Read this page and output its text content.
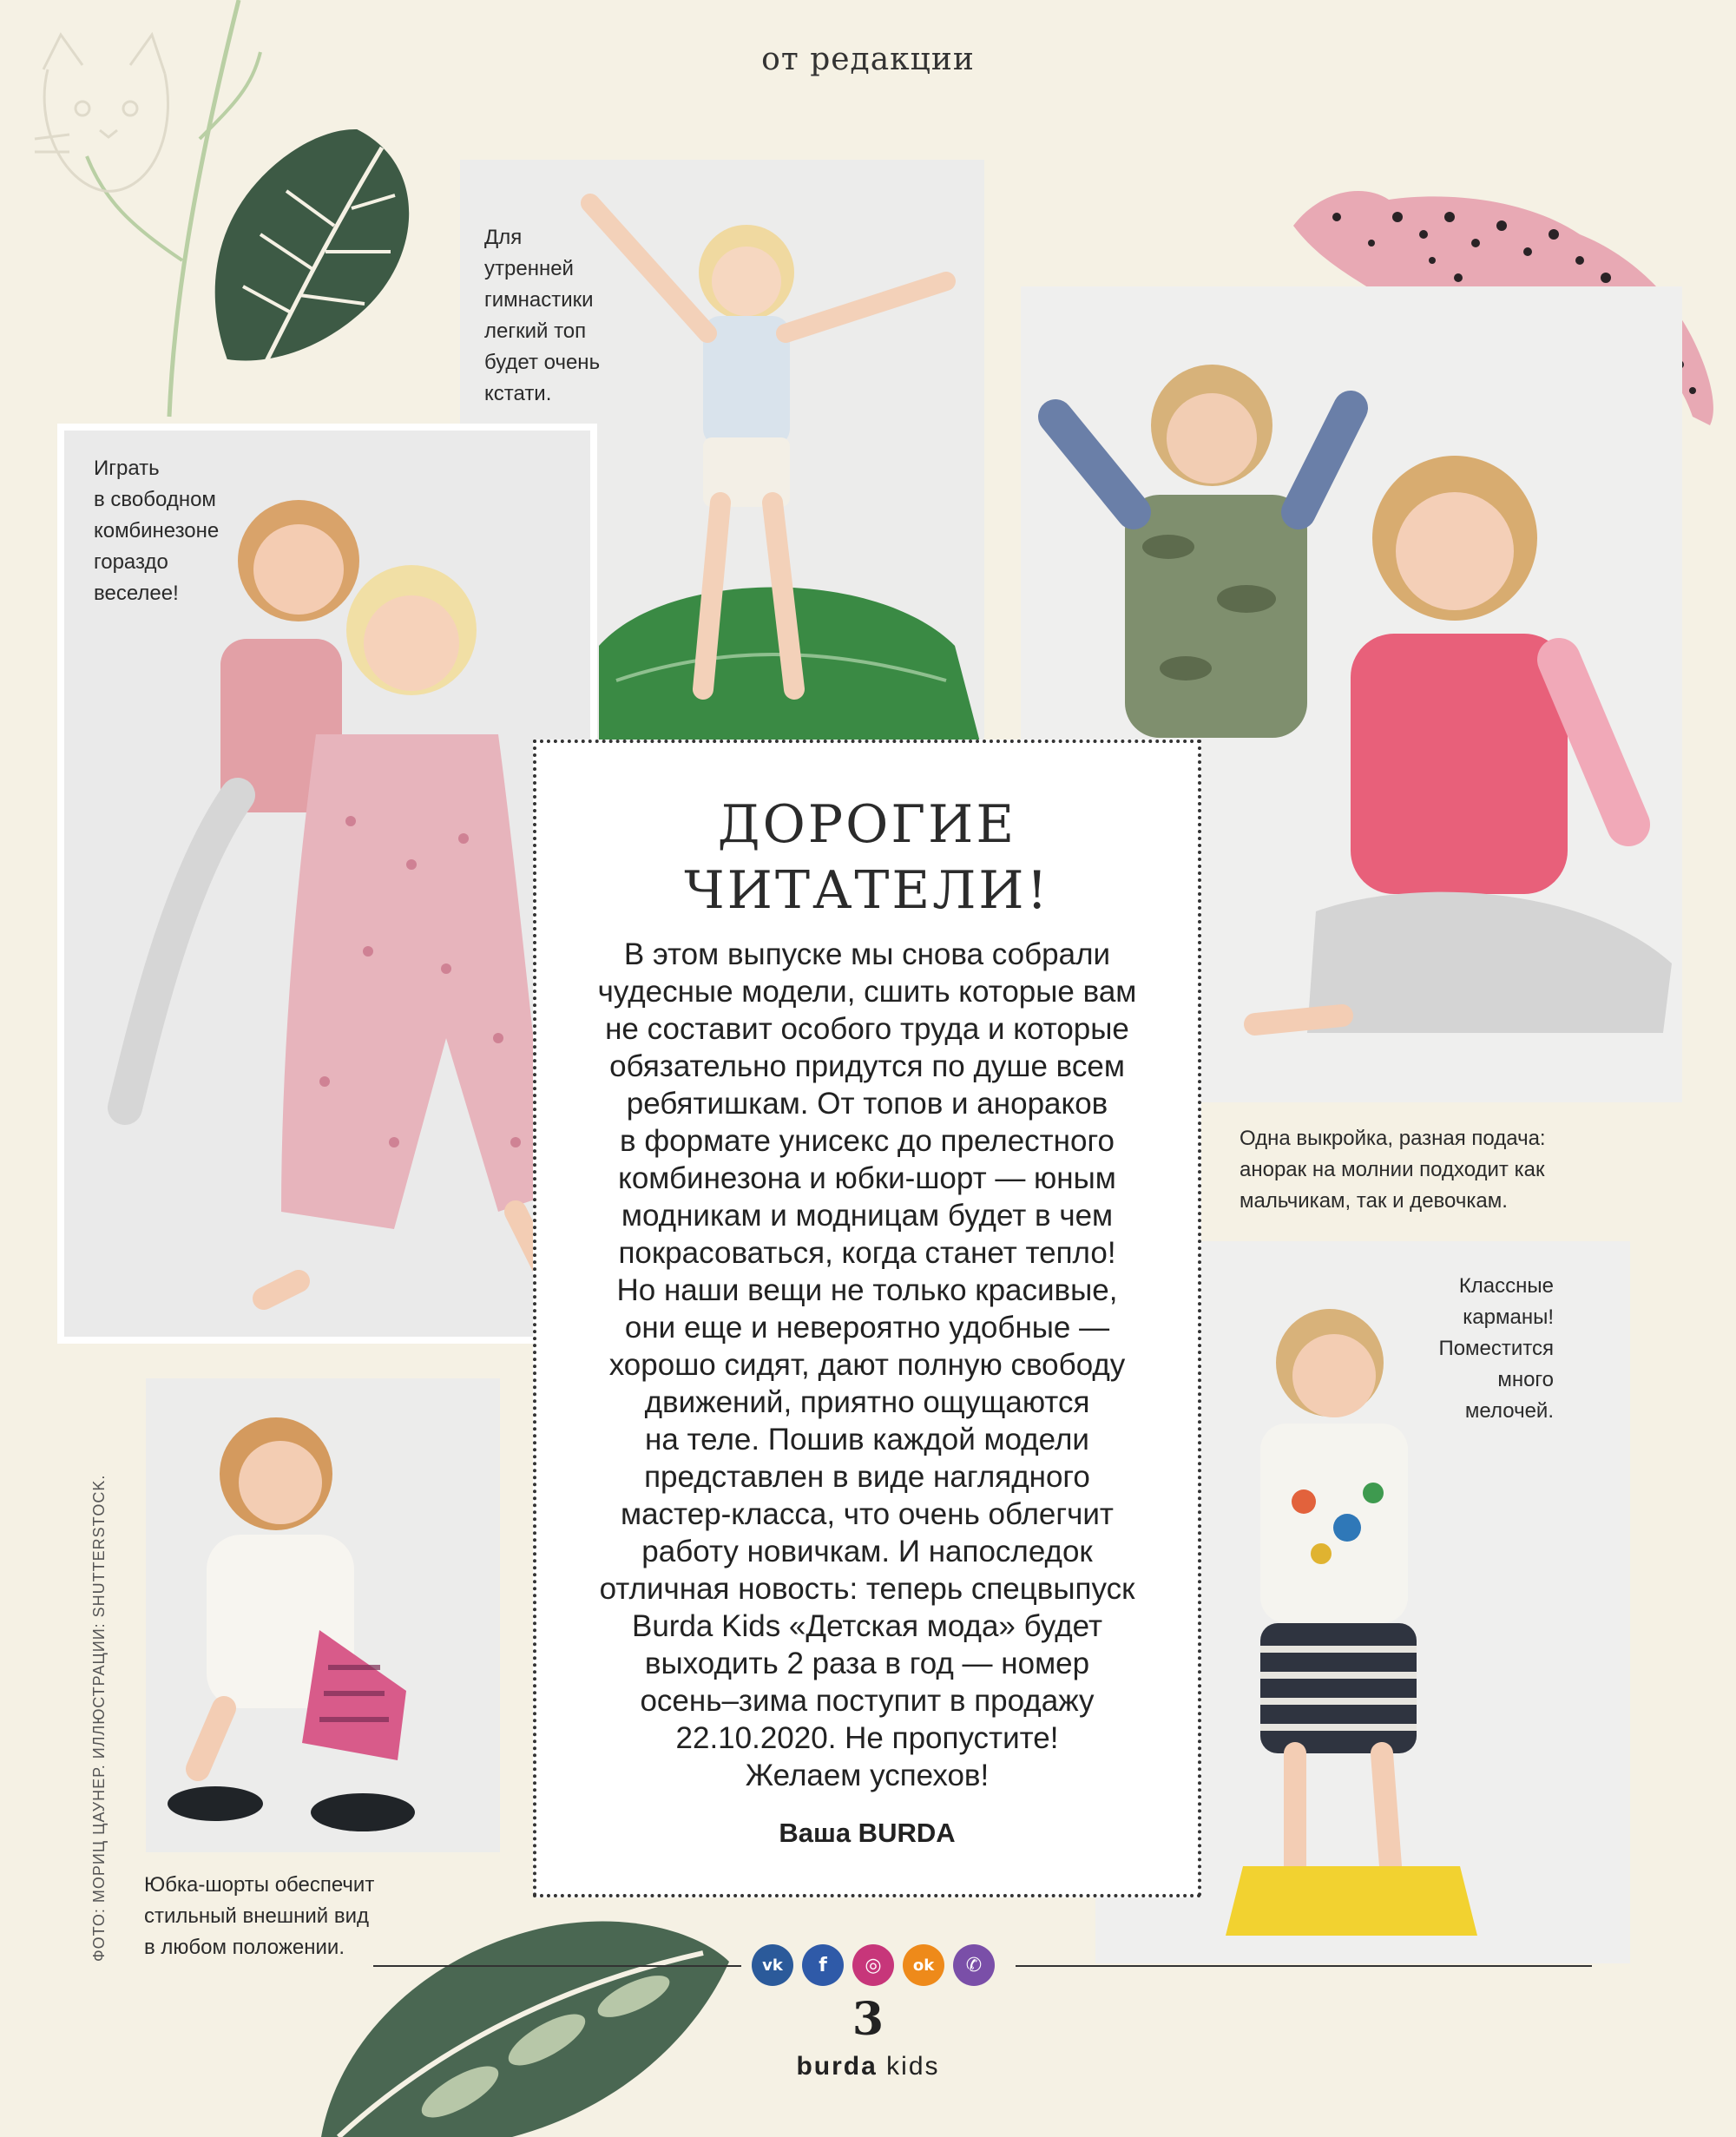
от редакции
Для
утренней
гимнастики
легкий топ
будет очень
кстати.
Играть
в свободном
комбинезоне
гораздо
веселее!
Одна выкройка, разная подача:
анорак на молнии подходит как
мальчикам, так и девочкам.
Юбка-шорты обеспечит
стильный внешний вид
в любом положении.
Классные
карманы!
Поместится
много
мелочей.
ДОРОГИЕ
ЧИТАТЕЛИ!
В этом выпуске мы снова собрали
чудесные модели, сшить которые вам
не составит особого труда и которые
обязательно придутся по душе всем
ребятишкам. От топов и анораков
в формате унисекс до прелестного
комбинезона и юбки-шорт — юным
модникам и модницам будет в чем
покрасоваться, когда станет тепло!
Но наши вещи не только красивые,
они еще и невероятно удобные —
хорошо сидят, дают полную свободу
движений, приятно ощущаются
на теле. Пошив каждой модели
представлен в виде наглядного
мастер-класса, что очень облегчит
работу новичкам. И напоследок
отличная новость: теперь спецвыпуск
Burda Kids «Детская мода» будет
выходить 2 раза в год — номер
осень–зима поступит в продажу
22.10.2020. Не пропустите!
Желаем успехов!
Ваша BURDA
ФОТО: МОРИЦ ЦАУНЕР. ИЛЛЮСТРАЦИИ: SHUTTERSTOCK.
vk	f	◎	ok	✆
3
burda kids
